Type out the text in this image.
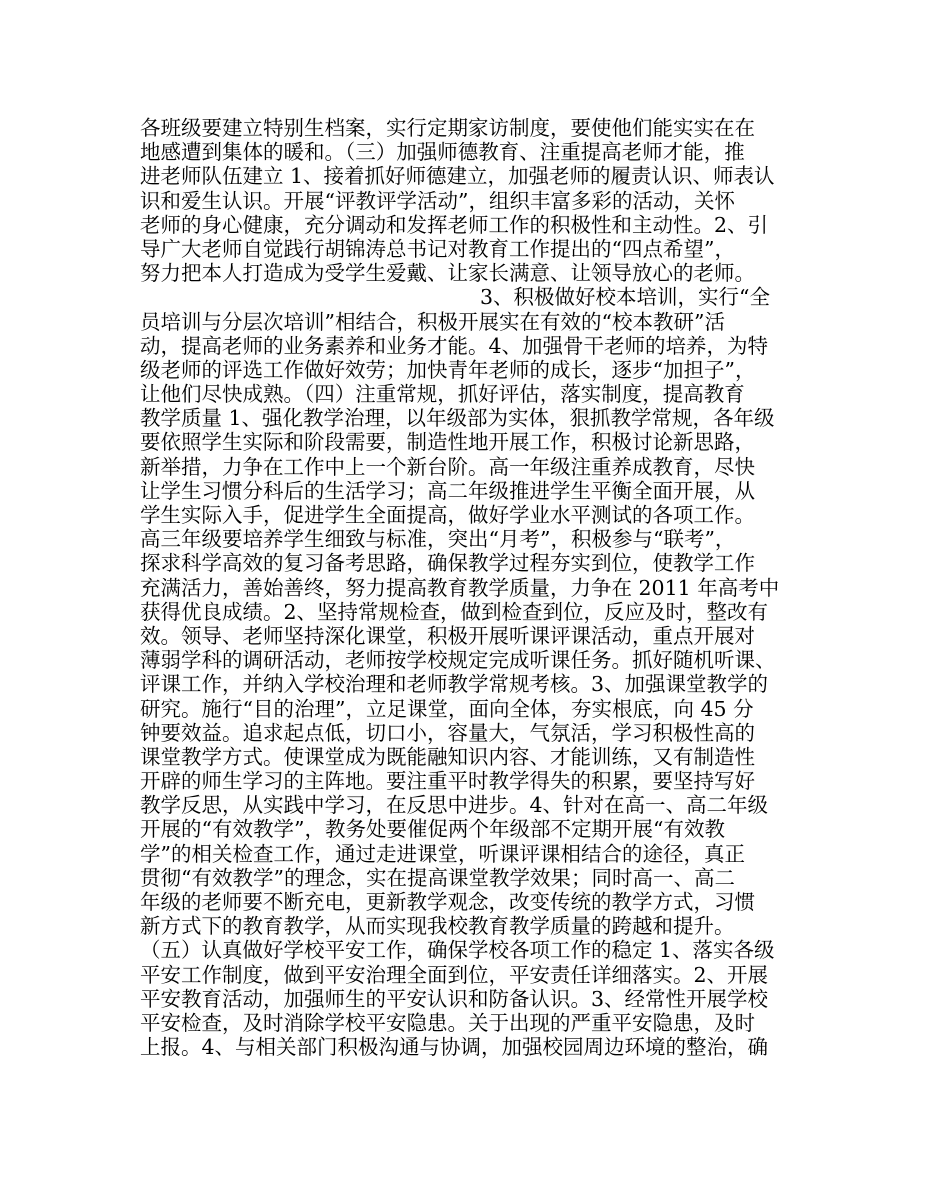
各班级要建立特别生档案，实行定期家访制度，要使他们能实实在在
地感遭到集体的暖和。（三）加强师德教育、注重提高老师才能，推
进老师队伍建立 1、接着抓好师德建立，加强老师的履责认识、师表认
识和爱生认识。开展“评教评学活动”，组织丰富多彩的活动，关怀
老师的身心健康，充分调动和发挥老师工作的积极性和主动性。2、引
导广大老师自觉践行胡锦涛总书记对教育工作提出的“四点希望”，
努力把本人打造成为受学生爱戴、让家长满意、让领导放心的老师。
3、积极做好校本培训，实行“全
员培训与分层次培训”相结合，积极开展实在有效的“校本教研”活
动，提高老师的业务素养和业务才能。4、加强骨干老师的培养，为特
级老师的评选工作做好效劳；加快青年老师的成长，逐步“加担子”，
让他们尽快成熟。（四）注重常规，抓好评估，落实制度，提高教育
教学质量 1、强化教学治理，以年级部为实体，狠抓教学常规，各年级
要依照学生实际和阶段需要，制造性地开展工作，积极讨论新思路，
新举措，力争在工作中上一个新台阶。高一年级注重养成教育，尽快
让学生习惯分科后的生活学习；高二年级推进学生平衡全面开展，从
学生实际入手，促进学生全面提高，做好学业水平测试的各项工作。
高三年级要培养学生细致与标准，突出“月考”，积极参与“联考”，
探求科学高效的复习备考思路，确保教学过程夯实到位，使教学工作
充满活力，善始善终，努力提高教育教学质量，力争在 2011 年高考中
获得优良成绩。2、坚持常规检查，做到检查到位，反应及时，整改有
效。领导、老师坚持深化课堂，积极开展听课评课活动，重点开展对
薄弱学科的调研活动，老师按学校规定完成听课任务。抓好随机听课、
评课工作，并纳入学校治理和老师教学常规考核。3、加强课堂教学的
研究。施行“目的治理”，立足课堂，面向全体，夯实根底，向 45 分
钟要效益。追求起点低，切口小，容量大，气氛活，学习积极性高的
课堂教学方式。使课堂成为既能融知识内容、才能训练，又有制造性
开辟的师生学习的主阵地。要注重平时教学得失的积累，要坚持写好
教学反思，从实践中学习，在反思中进步。4、针对在高一、高二年级
开展的“有效教学”，教务处要催促两个年级部不定期开展“有效教
学”的相关检查工作，通过走进课堂，听课评课相结合的途径，真正
贯彻“有效教学”的理念，实在提高课堂教学效果；同时高一、高二
年级的老师要不断充电，更新教学观念，改变传统的教学方式，习惯
新方式下的教育教学，从而实现我校教育教学质量的跨越和提升。
（五）认真做好学校平安工作，确保学校各项工作的稳定 1、落实各级
平安工作制度，做到平安治理全面到位，平安责任详细落实。2、开展
平安教育活动，加强师生的平安认识和防备认识。3、经常性开展学校
平安检查，及时消除学校平安隐患。关于出现的严重平安隐患，及时
上报。4、与相关部门积极沟通与协调，加强校园周边环境的整治，确
